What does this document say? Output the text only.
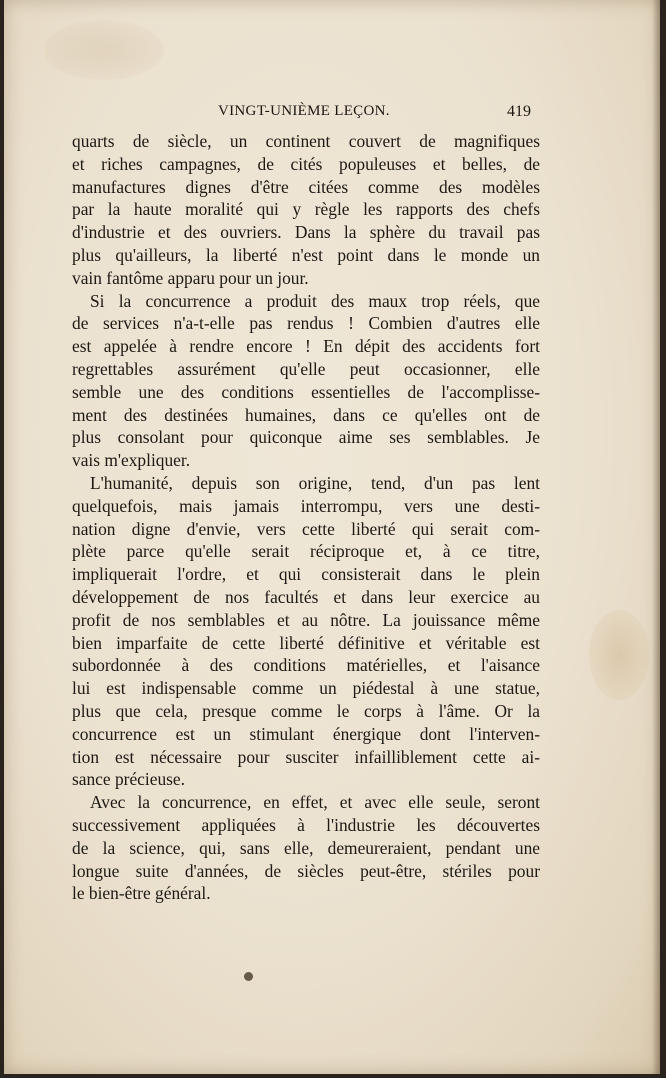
VINGT-UNIÈME LEÇON.	419

quarts de siècle, un continent couvert de magnifiques
et riches campagnes, de cités populeuses et belles, de
manufactures dignes d'être citées comme des modèles
par la haute moralité qui y règle les rapports des chefs
d'industrie et des ouvriers. Dans la sphère du travail pas
plus qu'ailleurs, la liberté n'est point dans le monde un
vain fantôme apparu pour un jour.

Si la concurrence a produit des maux trop réels, que
de services n'a-t-elle pas rendus ! Combien d'autres elle
est appelée à rendre encore ! En dépit des accidents fort
regrettables assurément qu'elle peut occasionner, elle
semble une des conditions essentielles de l'accomplisse-
ment des destinées humaines, dans ce qu'elles ont de
plus consolant pour quiconque aime ses semblables. Je
vais m'expliquer.

L'humanité, depuis son origine, tend, d'un pas lent
quelquefois, mais jamais interrompu, vers une desti-
nation digne d'envie, vers cette liberté qui serait com-
plète parce qu'elle serait réciproque et, à ce titre,
impliquerait l'ordre, et qui consisterait dans le plein
développement de nos facultés et dans leur exercice au
profit de nos semblables et au nôtre. La jouissance même
bien imparfaite de cette liberté définitive et véritable est
subordonnée à des conditions matérielles, et l'aisance
lui est indispensable comme un piédestal à une statue,
plus que cela, presque comme le corps à l'âme. Or la
concurrence est un stimulant énergique dont l'interven-
tion est nécessaire pour susciter infailliblement cette ai-
sance précieuse.

Avec la concurrence, en effet, et avec elle seule, seront
successivement appliquées à l'industrie les découvertes
de la science, qui, sans elle, demeureraient, pendant une
longue suite d'années, de siècles peut-être, stériles pour
le bien-être général.
